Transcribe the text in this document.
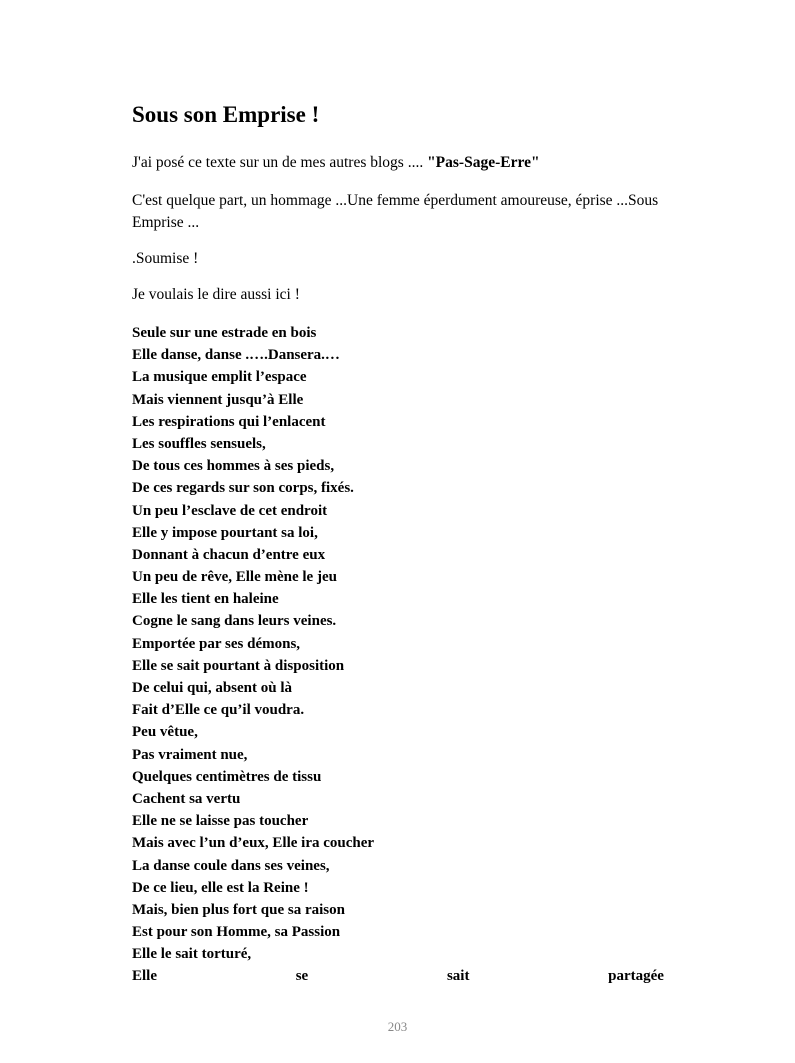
Sous son Emprise !

J'ai posé ce texte sur un de mes autres blogs .... "Pas-Sage-Erre"

C'est quelque part, un hommage ...Une femme éperdument amoureuse, éprise ...Sous Emprise ...

.Soumise !

Je voulais le dire aussi ici !

Seule sur une estrade en bois
Elle danse, danse .….Dansera.…
La musique emplit l’espace
Mais viennent jusqu’à Elle
Les respirations qui l’enlacent
Les souffles sensuels,
De tous ces hommes à ses pieds,
De ces regards sur son corps, fixés.
Un peu l’esclave de cet endroit
Elle y impose pourtant sa loi,
Donnant à chacun d’entre eux
Un peu de rêve, Elle mène le jeu
Elle les tient en haleine
Cogne le sang dans leurs veines.
Emportée par ses démons,
Elle se sait pourtant à disposition
De celui qui, absent où là
Fait d’Elle ce qu’il voudra.
Peu vêtue,
Pas vraiment nue,
Quelques centimètres de tissu
Cachent sa vertu
Elle ne se laisse pas toucher
Mais avec l’un d’eux, Elle ira coucher
La danse coule dans ses veines,
De ce lieu, elle est la Reine !
Mais, bien plus fort que sa raison
Est pour son Homme, sa Passion
Elle le sait torturé,
Elle	se	sait	partagée
203
